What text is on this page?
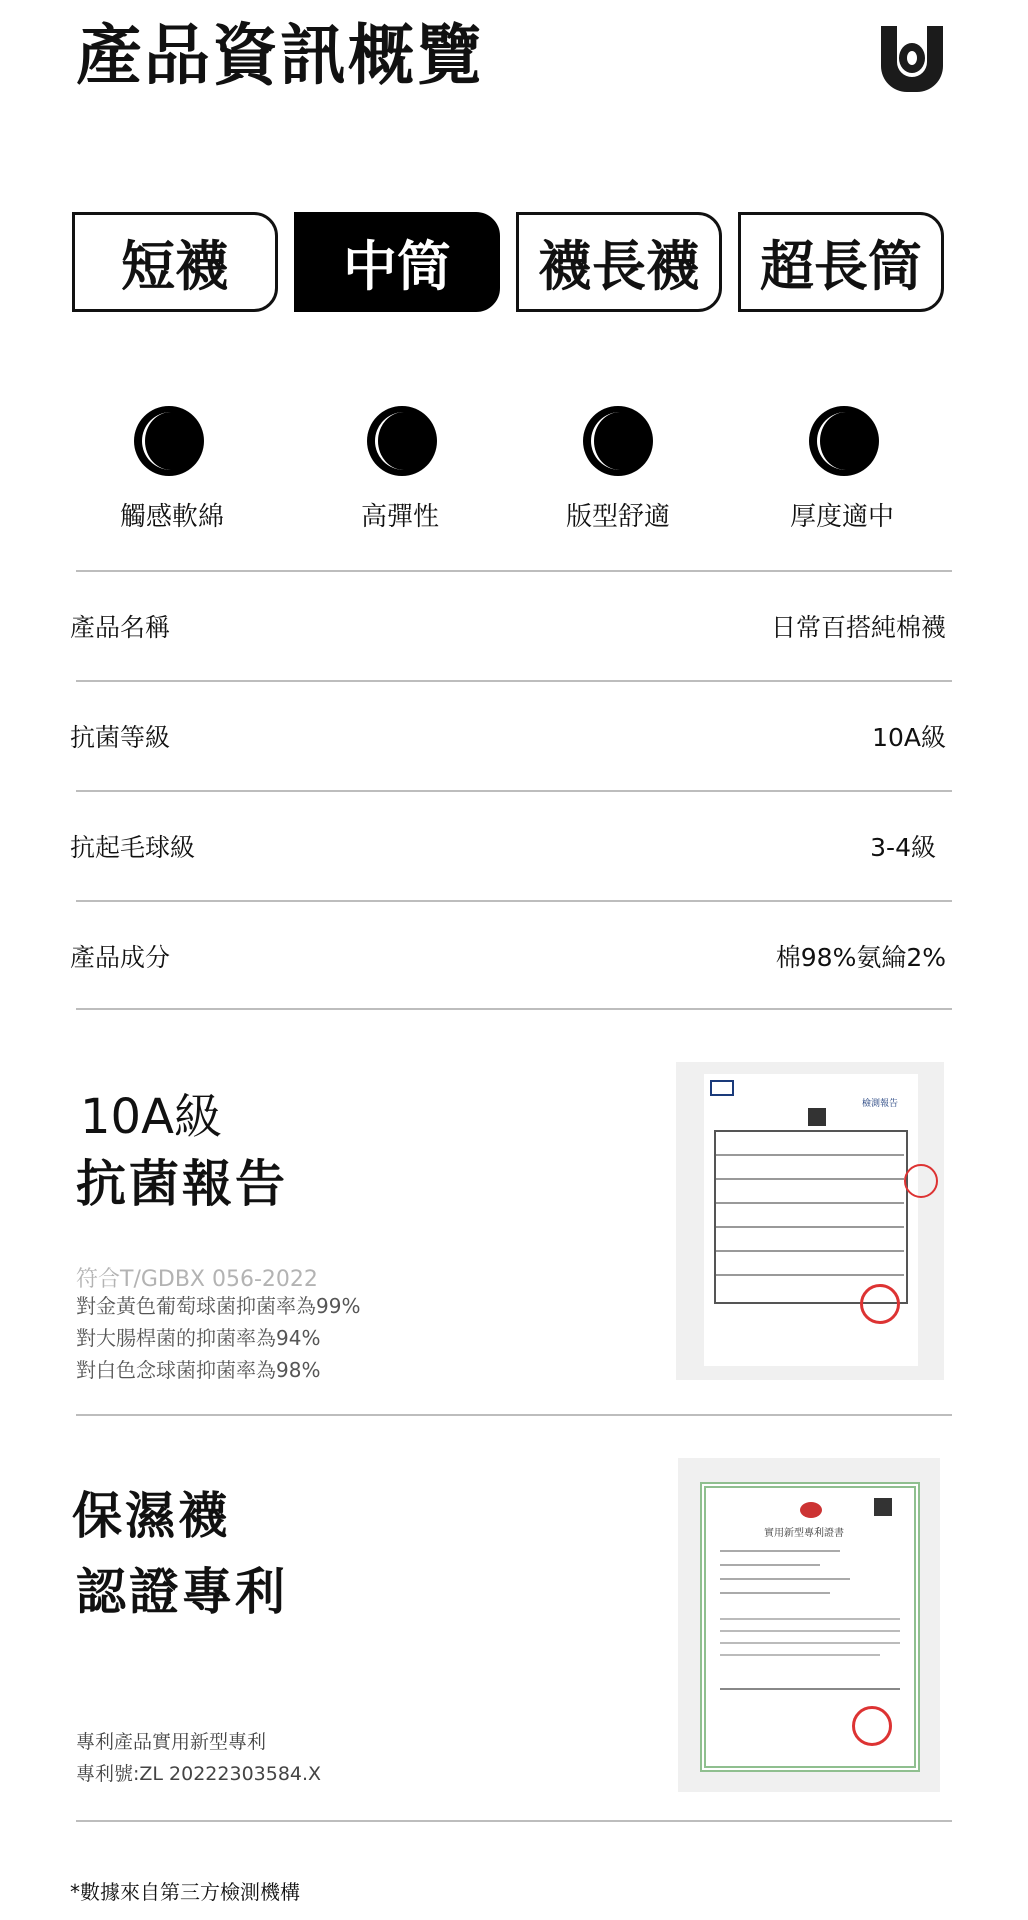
產品資訊概覽
短襪 中筒 襪長襪 超長筒
觸感軟綿	高彈性	版型舒適	厚度適中
產品名稱	日常百搭純棉襪
抗菌等級	10A級
抗起毛球級	3-4級
產品成分	棉98%氨綸2%
10A級
抗菌報告
符合T/GDBX 056-2022
對金黃色葡萄球菌抑菌率為99%
對大腸桿菌的抑菌率為94%
對白色念球菌抑菌率為98%
檢測報告
保濕襪
認證專利
專利產品實用新型專利
專利號:ZL 20222303584.X
實用新型專利證書
*數據來自第三方檢測機構
